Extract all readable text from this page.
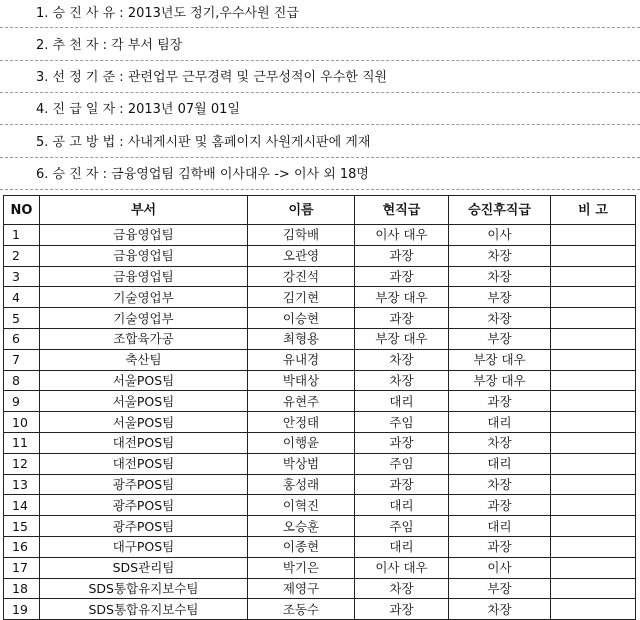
1. 승 진 사 유 : 2013년도 정기,우수사원 진급
2. 추 천 자 : 각 부서 팀장
3. 선 정 기 준 : 관련업무 근무경력 및 근무성적이 우수한 직원
4. 진 급 일 자 : 2013년 07월 01일
5. 공 고 방 법 : 사내게시판 및 홈페이지 사원게시판에 게재
6. 승 진 자 : 금융영업팀 김학배 이사대우 -> 이사 외 18명
NO	부서	이름	현직급	승진후직급	비 고
1	금융영업팀	김학배	이사 대우	이사	
2	금융영업팀	오관영	과장	차장	
3	금융영업팀	강진석	과장	차장	
4	기술영업부	김기현	부장 대우	부장	
5	기술영업부	이승현	과장	차장	
6	조합육가공	최형용	부장 대우	부장	
7	축산팀	유내경	차장	부장 대우	
8	서울POS팀	박태상	차장	부장 대우	
9	서울POS팀	유현주	대리	과장	
10	서울POS팀	안정태	주임	대리	
11	대전POS팀	이행윤	과장	차장	
12	대전POS팀	박상범	주임	대리	
13	광주POS팀	홍성래	과장	차장	
14	광주POS팀	이혁진	대리	과장	
15	광주POS팀	오승훈	주임	대리	
16	대구POS팀	이종현	대리	과장	
17	SDS관리팀	박기은	이사 대우	이사	
18	SDS통합유지보수팀	제영구	차장	부장	
19	SDS통합유지보수팀	조동수	과장	차장	
